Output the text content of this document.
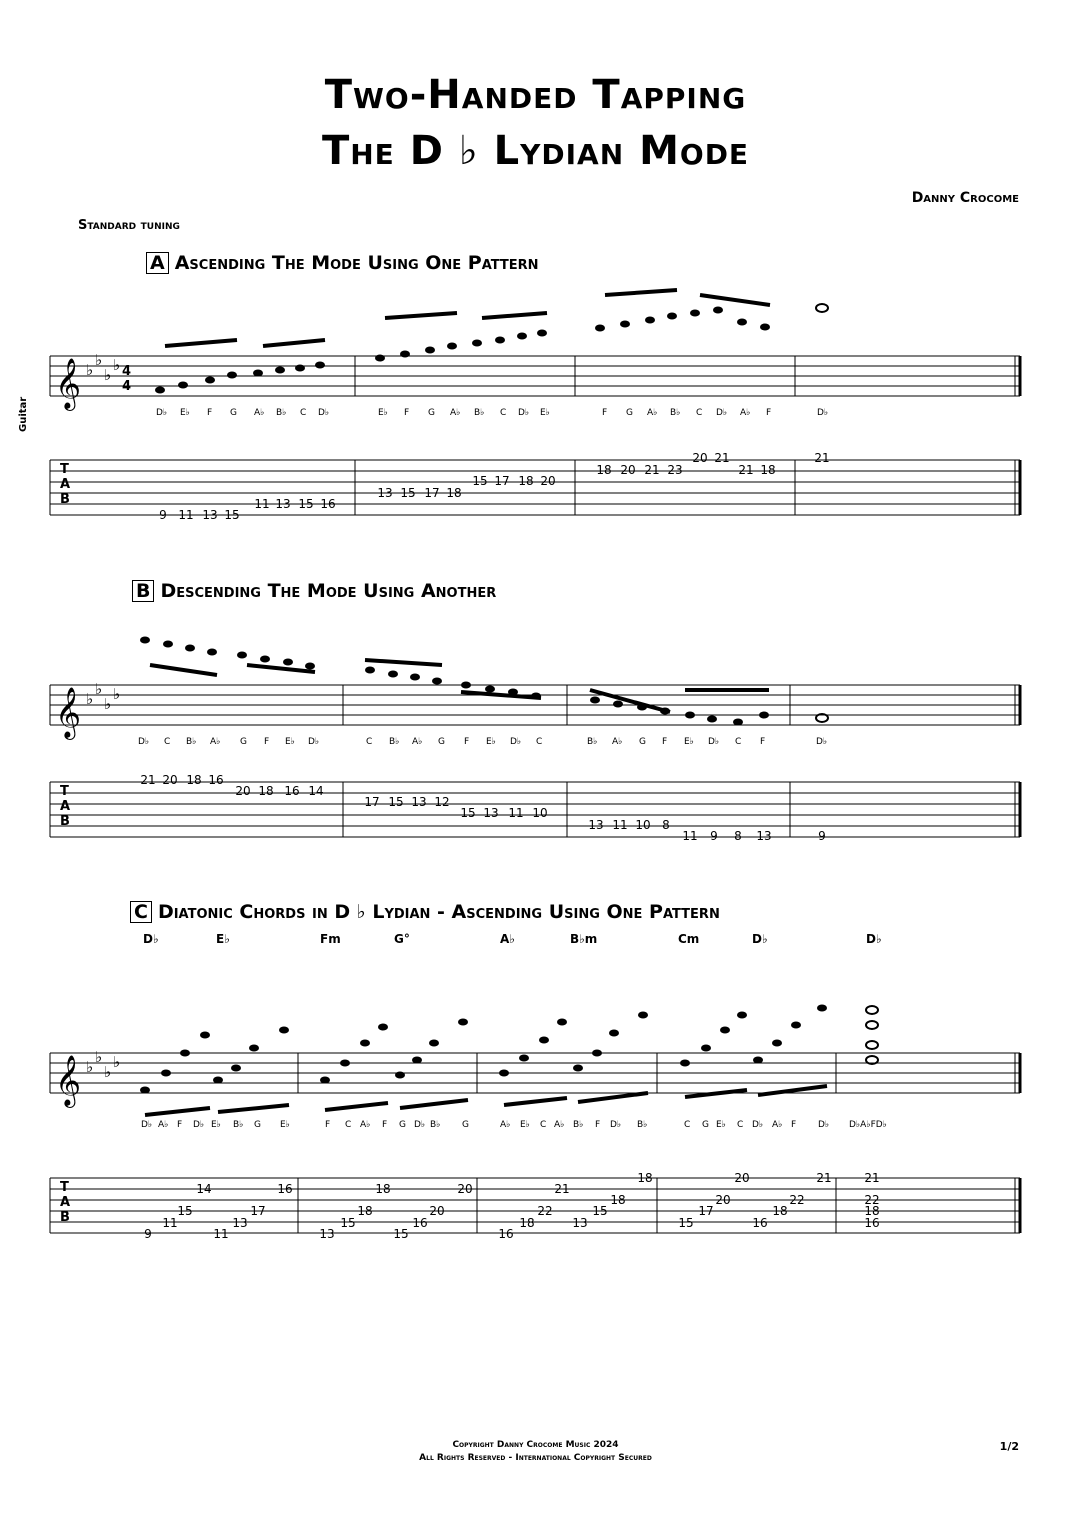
Two-Handed Tapping
The D ♭ Lydian Mode
Danny Crocome
Standard tuning
Guitar
A Ascending The Mode Using One Pattern
B Descending The Mode Using Another
C Diatonic Chords in D ♭ Lydian - Ascending Using One Pattern
𝄞 ♭
♭
♭
♭ 4
4
T
A
B
9 11 13 15
11 13 15 16
13 15 17 18
15 17 18 20
18 20 21 23
20 21
21 18
21
D♭ E♭ F G A♭ B♭ C D♭	E♭ F G A♭ B♭ C D♭ E♭	F G A♭ B♭ C D♭ A♭ F	D♭
𝄞 ♭
♭
♭
♭
T
A
B
21 20 18 16
20 18 16 14
17 15 13 12
15 13 11 10
13 11 10 8
11 9 8 13	9
D♭ C B♭ A♭ G F E♭ D♭	C B♭ A♭ G F E♭ D♭ C	B♭ A♭ G F E♭ D♭ C F	D♭
D♭	E♭	Fm	G°	A♭	B♭m	Cm	D♭	D♭
𝄞 ♭
♭
♭
♭
T
A
B
9
11
15
14
11
13
17
16
13
15
18
18
15
16
20
20
16
18
22
21
13
15
18
18
15
17
20
20
16
18
22
21	21
22
18
16
D♭ A♭ F D♭ E♭ B♭ G E♭	F C A♭ F G D♭ B♭ G	A♭ E♭ C A♭ B♭ F D♭ B♭	C G E♭ C D♭ A♭ F D♭ D♭A♭FD♭
Copyright Danny Crocome Music 2024
All Rights Reserved - International Copyright Secured
1/2
